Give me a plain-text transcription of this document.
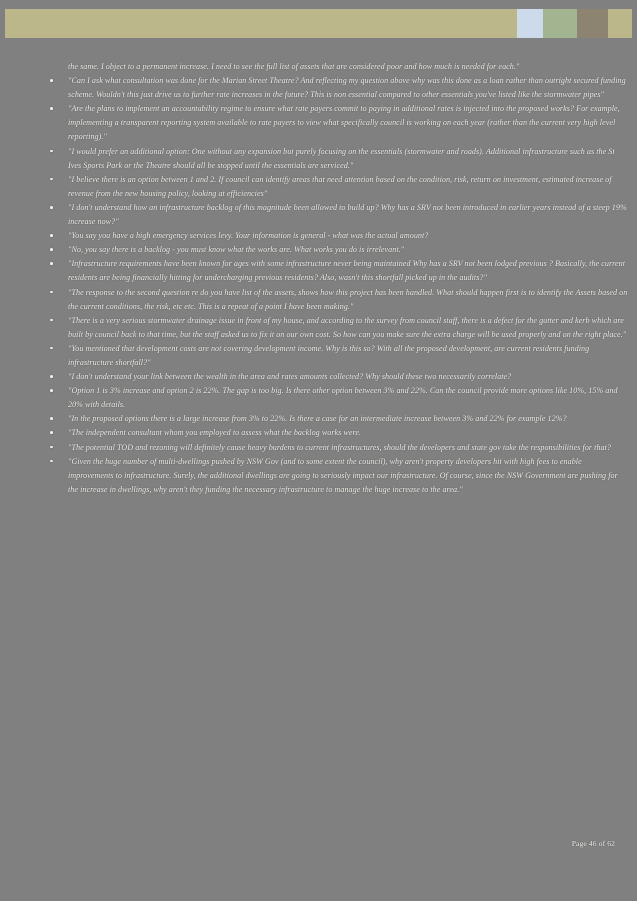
the same. I object to a permanent increase. I need to see the full list of assets that are considered poor and how much is needed for each."

"Can I ask what consultation was done for the Marian Street Theatre? And reflecting my question above why was this done as a loan rather than outright secured funding scheme. Wouldn't this just drive us to further rate increases in the future? This is non essential compared to other essentials you've listed like the stormwater pipes"
"Are the plans to implement an accountability regime to ensure what rate payers commit to paying in additional rates is injected into the proposed works? For example, implementing a transparent reporting system available to rate payers to view what specifically council is working on each year (rather than the current very high level reporting)."
"I would prefer an additional option: One without any expansion but purely focusing on the essentials (stormwater and roads). Additional infrastructure such as the St Ives Sports Park or the Theatre should all be stopped until the essentials are serviced."
"I believe there is an option between 1 and 2. If council can identify areas that need attention based on the condition, risk, return on investment, estimated increase of revenue from the new housing policy, looking at efficiencies"
"I don't understand how an infrastructure backlog of this magnitude been allowed to build up? Why has a SRV not been introduced in earlier years instead of a steep 19% increase now?"
"You say you have a high emergency services levy. Your information is general - what was the actual amount?
"No, you say there is a backlog - you must know what the works are. What works you do is irrelevant."
"Infrastructure requirements have been known for ages with some infrastructure never being maintained Why has a SRV not been lodged previous ? Basically, the current residents are being financially hitting for undercharging previous residents? Also, wasn't this shortfall picked up in the audits?"
"The response to the second question re do you have list of the assets, shows how this project has been handled. What should happen first is to identify the Assets based on the current conditions, the risk, etc etc. This is a repeat of a point I have been making."
"There is a very serious stormwater drainage issue in front of my house, and according to the survey from council staff, there is a defect for the gutter and kerb which are built by council back to that time, but the staff asked us to fix it on our own cost. So how can you make sure the extra charge will be used properly and on the right place."
"You mentioned that development costs are not covering development income. Why is this so? With all the proposed development, are current residents funding infrastructure shortfall?"
"I don't understand your link between the wealth in the area and rates amounts collected? Why should these two necessarily correlate?
"Option 1 is 3% increase and option 2 is 22%. The gap is too big. Is there other option between 3% and 22%. Can the council provide more options like 10%, 15% and 20% with details.
"In the proposed options there is a large increase from 3% to 22%. Is there a case for an intermediate increase between 3% and 22% for example 12%?
"The independent consultant whom you employed to assess what the backlog works were.
"The potential TOD and rezoning will definitely cause heavy burdens to current infrastructures, should the developers and state gov take the responsibilities for that?
"Given the huge number of multi-dwellings pushed by NSW Gov (and to some extent the council), why aren't property developers hit with high fees to enable improvements to infrastructure. Surely, the additional dwellings are going to seriously impact our infrastructure. Of course, since the NSW Government are pushing for the increase in dwellings, why aren't they funding the necessary infrastructure to manage the huge increase to the area."
Page 46 of 62
